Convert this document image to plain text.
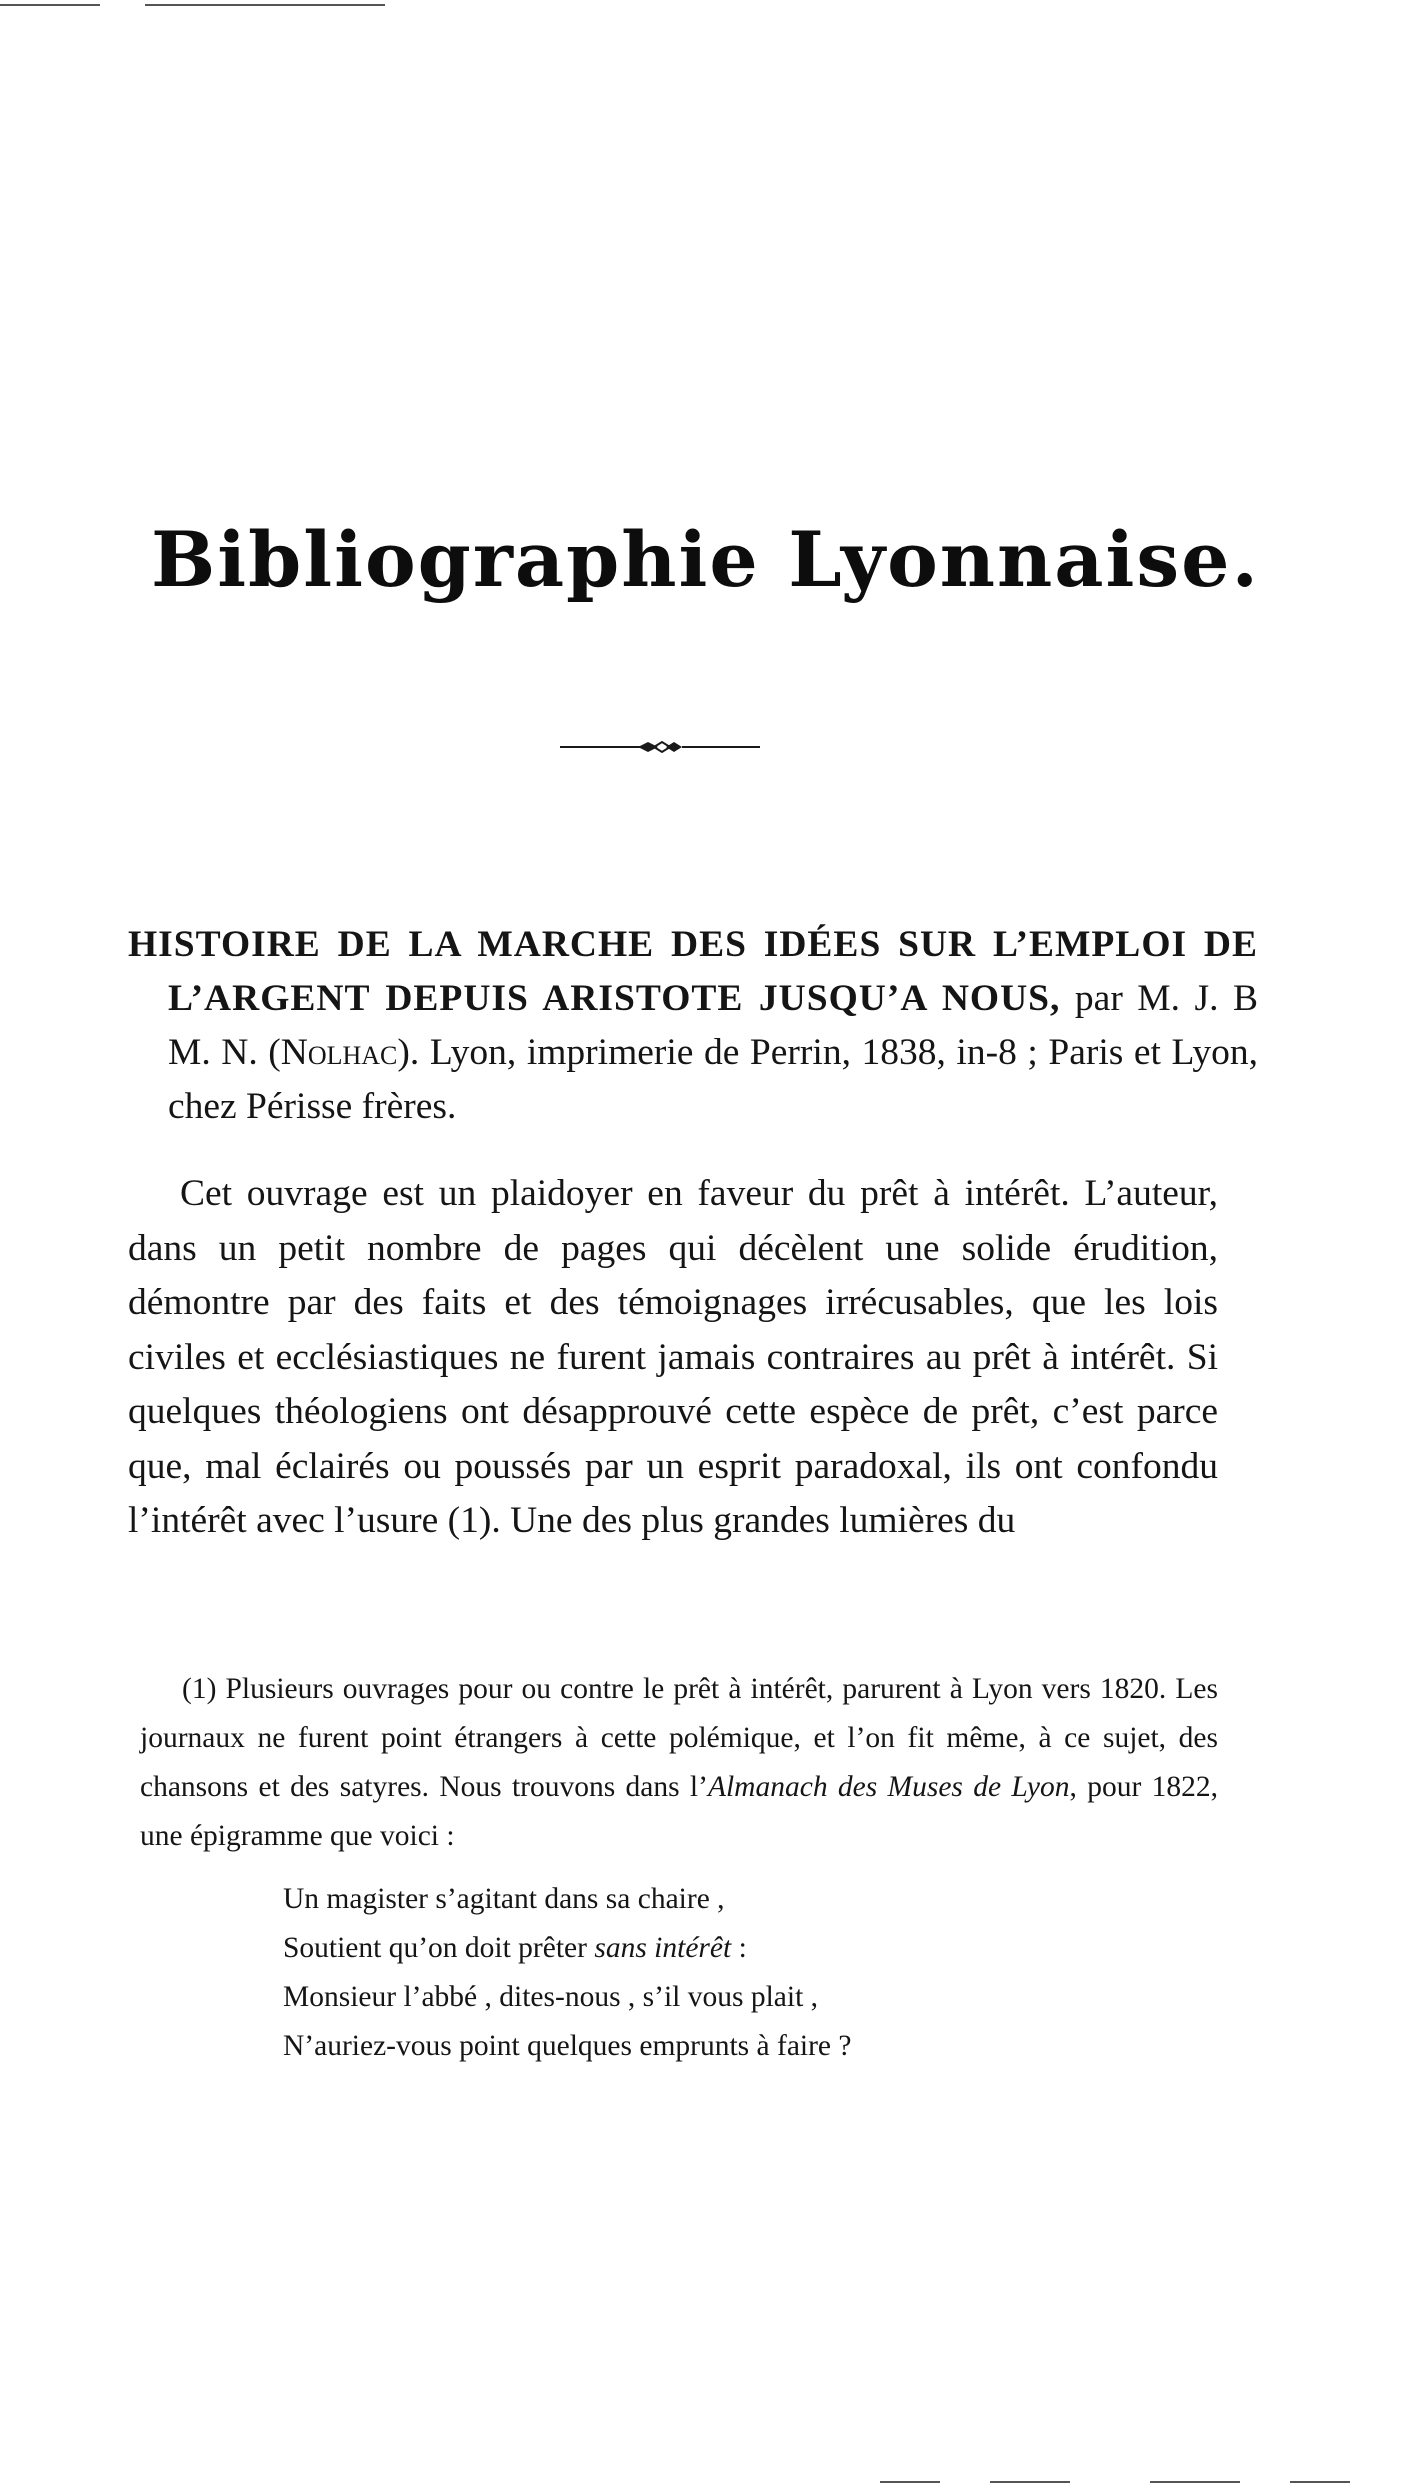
Bibliographie Lyonnaise.

HISTOIRE DE LA MARCHE DES IDÉES SUR L’EMPLOI DE L’ARGENT DEPUIS ARISTOTE JUSQU’A NOUS, par M. J. B M. N. (Nolhac). Lyon, imprimerie de Perrin, 1838, in-8 ; Paris et Lyon, chez Périsse frères.

Cet ouvrage est un plaidoyer en faveur du prêt à intérêt. L’auteur, dans un petit nombre de pages qui décèlent une solide érudition, démontre par des faits et des témoignages irrécusables, que les lois civiles et ecclésiastiques ne furent jamais contraires au prêt à intérêt. Si quelques théologiens ont désapprouvé cette espèce de prêt, c’est parce que, mal éclairés ou poussés par un esprit paradoxal, ils ont confondu l’intérêt avec l’usure (1). Une des plus grandes lumières du

(1) Plusieurs ouvrages pour ou contre le prêt à intérêt, parurent à Lyon vers 1820. Les journaux ne furent point étrangers à cette polémique, et l’on fit même, à ce sujet, des chansons et des satyres. Nous trouvons dans l’Almanach des Muses de Lyon, pour 1822, une épigramme que voici :

Un magister s’agitant dans sa chaire ,
Soutient qu’on doit prêter sans intérêt :
Monsieur l’abbé , dites-nous , s’il vous plait ,
N’auriez-vous point quelques emprunts à faire ?
